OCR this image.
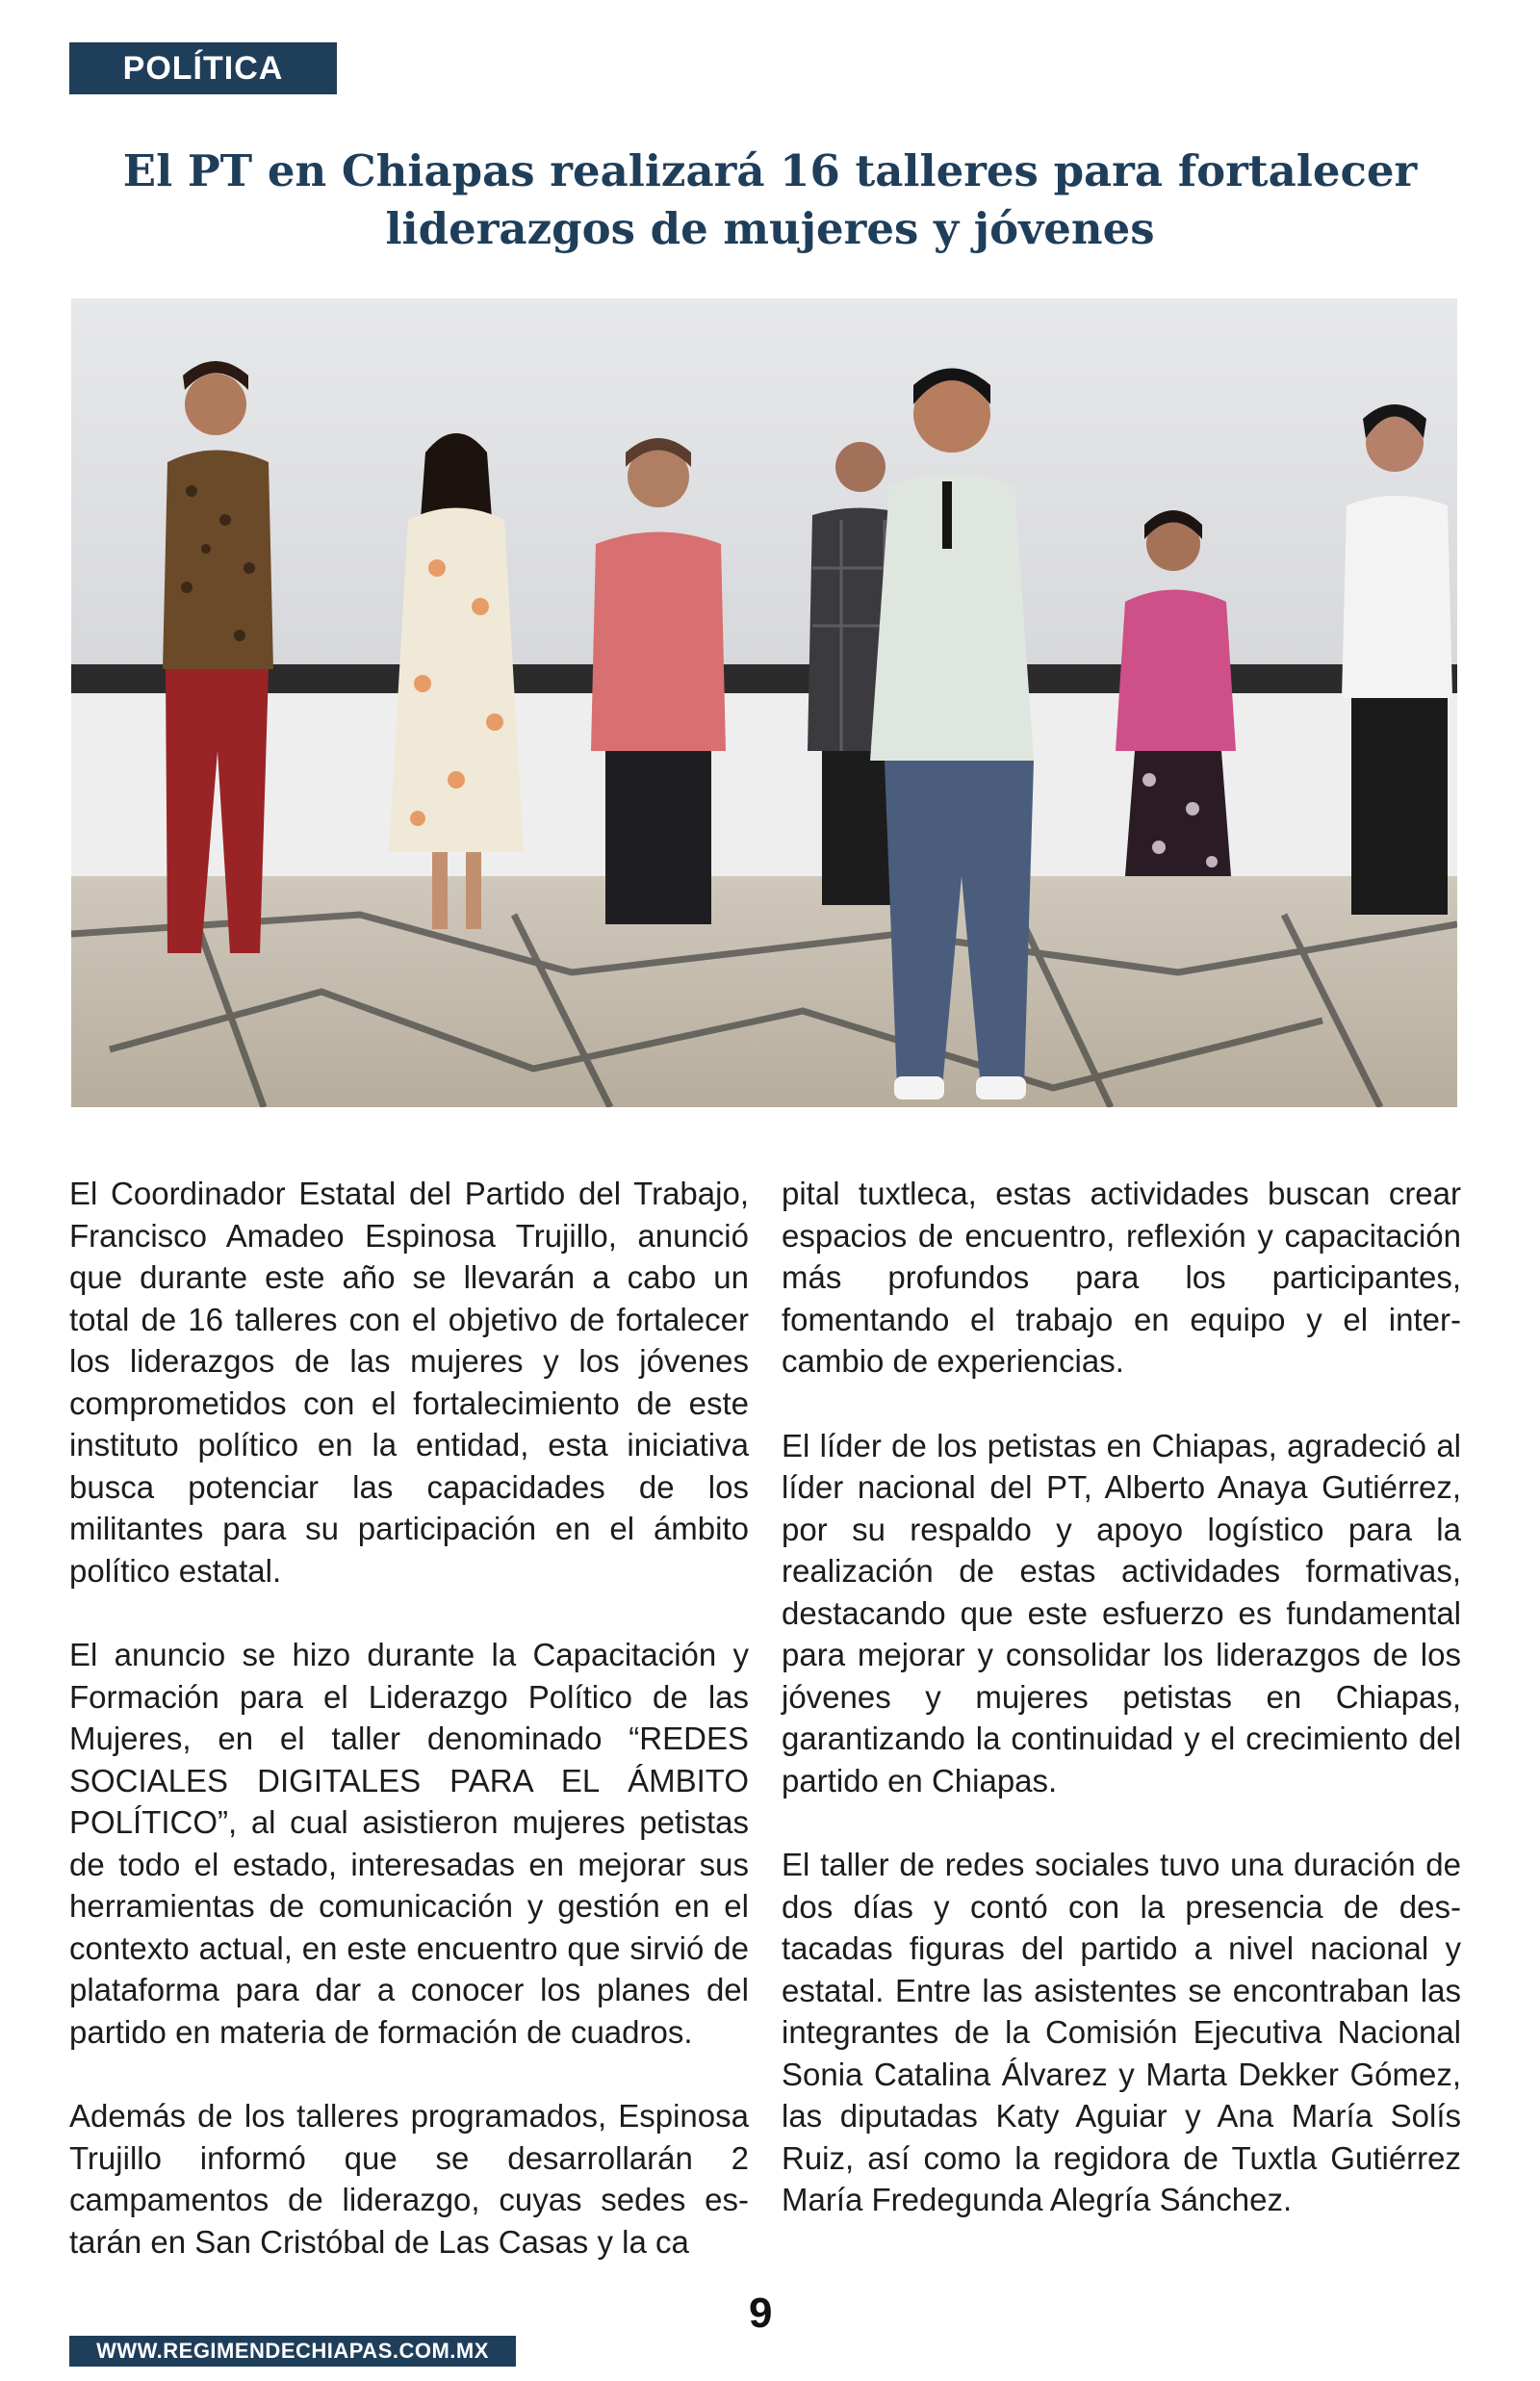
POLÍTICA
El PT en Chiapas realizará 16 talleres para fortalecer liderazgos de mujeres y jóvenes

El Coordinador Estatal del Partido del Trabajo, Francisco Amadeo Espinosa Trujillo, anunció que durante este año se llevarán a cabo un total de 16 talleres con el objetivo de fortalecer los liderazgos de las mujeres y los jóvenes comprometidos con el fortalecimiento de este instituto político en la entidad, esta iniciativa busca potenciar las capacidades de los militantes para su participación en el ámbito político estatal.

El anuncio se hizo durante la Capacitación y Formación para el Liderazgo Político de las Mujeres, en el taller denominado “REDES SOCIALES DIGITALES PARA EL ÁMBITO POLÍTICO”, al cual asistieron mujeres petistas de todo el estado, interesadas en mejorar sus herramientas de comunicación y gestión en el contexto actual, en este encuentro que sirvió de plataforma para dar a conocer los planes del partido en materia de formación de cuadros.

Además de los talleres programados, Espinosa Trujillo informó que se desarrollarán 2 campamentos de liderazgo, cuyas sedes estarán en San Cristóbal de Las Casas y la ca

pital tuxtleca, estas actividades buscan crear espacios de encuentro, reflexión y capacitación más profundos para los participantes, fomentando el trabajo en equipo y el intercambio de experiencias.

El líder de los petistas en Chiapas, agradeció al líder nacional del PT, Alberto Anaya Gutiérrez, por su respaldo y apoyo logístico para la realización de estas actividades formativas, destacando que este esfuerzo es fundamental para mejorar y consolidar los liderazgos de los jóvenes y mujeres petistas en Chiapas, garantizando la continuidad y el crecimiento del partido en Chiapas.

El taller de redes sociales tuvo una duración de dos días y contó con la presencia de destacadas figuras del partido a nivel nacional y estatal. Entre las asistentes se encontraban las integrantes de la Comisión Ejecutiva Nacional Sonia Catalina Álvarez y Marta Dekker Gómez, las diputadas Katy Aguiar y Ana María Solís Ruiz, así como la regidora de Tuxtla Gutiérrez María Fredegunda Alegría Sánchez.

9
WWW.REGIMENDECHIAPAS.COM.MX
